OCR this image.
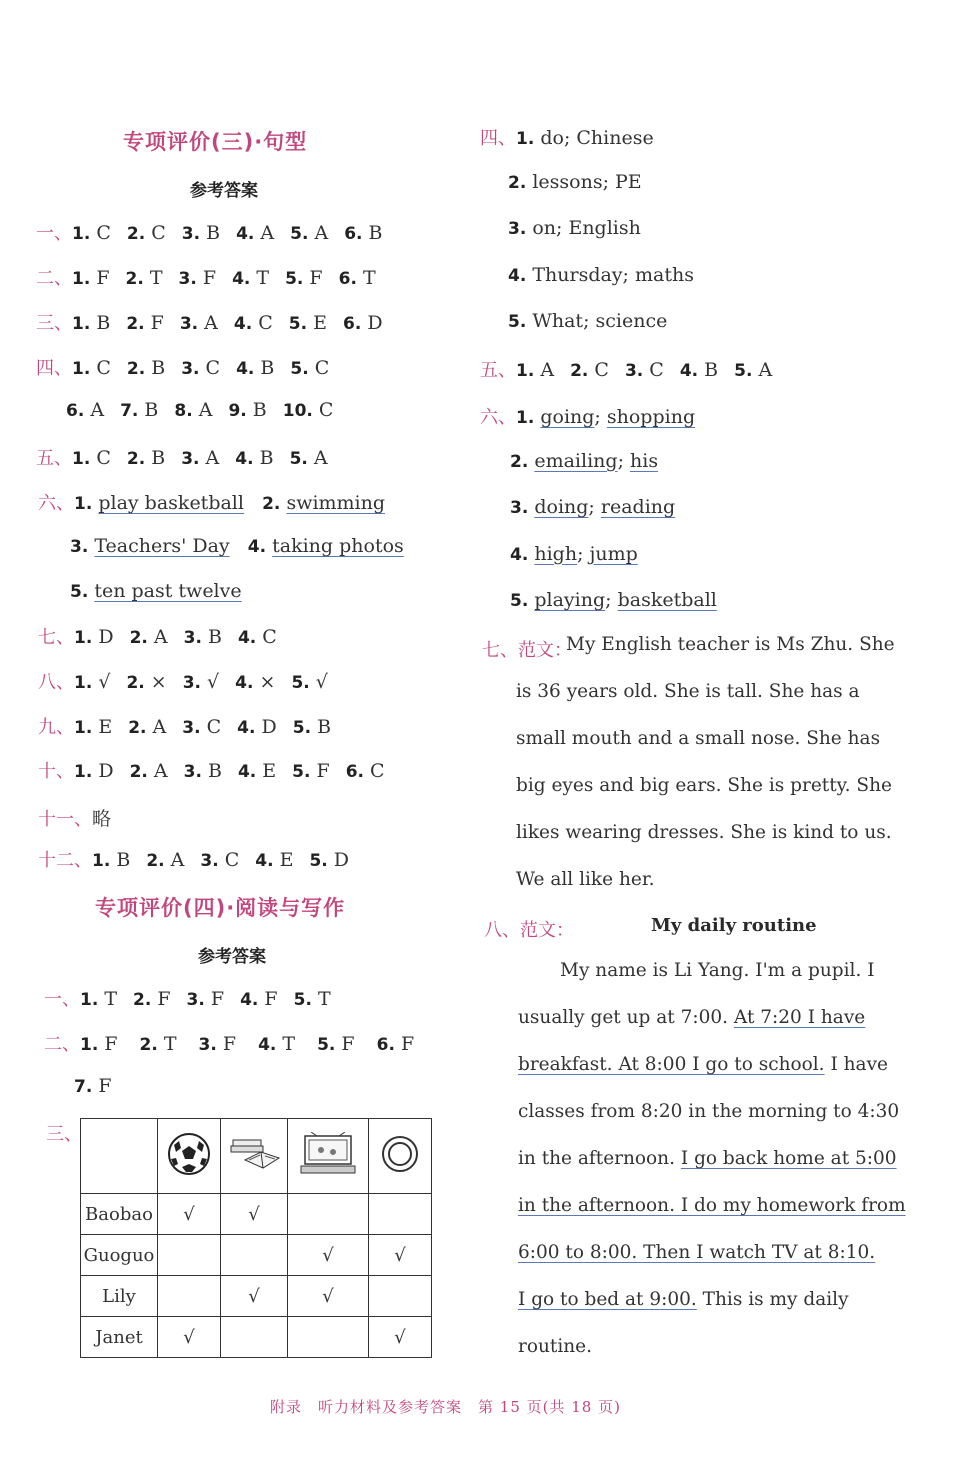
专项评价(三)·句型
参考答案
一、1. C 2. C 3. B 4. A 5. A 6. B
二、1. F 2. T 3. F 4. T 5. F 6. T
三、1. B 2. F 3. A 4. C 5. E 6. D
四、1. C 2. B 3. C 4. B 5. C
6. A 7. B 8. A 9. B 10. C
五、1. C 2. B 3. A 4. B 5. A
六、1. play basketball 2. swimming
3. Teachers' Day 4. taking photos
5. ten past twelve
七、1. D 2. A 3. B 4. C
八、1. √ 2. × 3. √ 4. × 5. √
九、1. E 2. A 3. C 4. D 5. B
十、1. D 2. A 3. B 4. E 5. F 6. C
十一、略
十二、1. B 2. A 3. C 4. E 5. D
专项评价(四)·阅读与写作
参考答案
一、1. T 2. F 3. F 4. F 5. T
二、1. F 2. T 3. F 4. T 5. F 6. F
7. F
三、

Baobao	√	√		
Guoguo			√	√
Lily		√	√	
Janet	√			√
四、1. do; Chinese
2. lessons; PE
3. on; English
4. Thursday; maths
5. What; science
五、1. A 2. C 3. C 4. B 5. A
六、1. going; shopping
2. emailing; his
3. doing; reading
4. high; jump
5. playing; basketball
七、范文：
My English teacher is Ms Zhu. She
is 36 years old. She is tall. She has a
small mouth and a small nose. She has
big eyes and big ears. She is pretty. She
likes wearing dresses. She is kind to us.
We all like her.
八、范文：	My daily routine
My name is Li Yang. I'm a pupil. I
usually get up at 7:00. At 7:20 I have
breakfast. At 8:00 I go to school. I have
classes from 8:20 in the morning to 4:30
in the afternoon. I go back home at 5:00
in the afternoon. I do my homework from
6:00 to 8:00. Then I watch TV at 8:10.
I go to bed at 9:00. This is my daily
routine.
附录　听力材料及参考答案　第 15 页(共 18 页)
